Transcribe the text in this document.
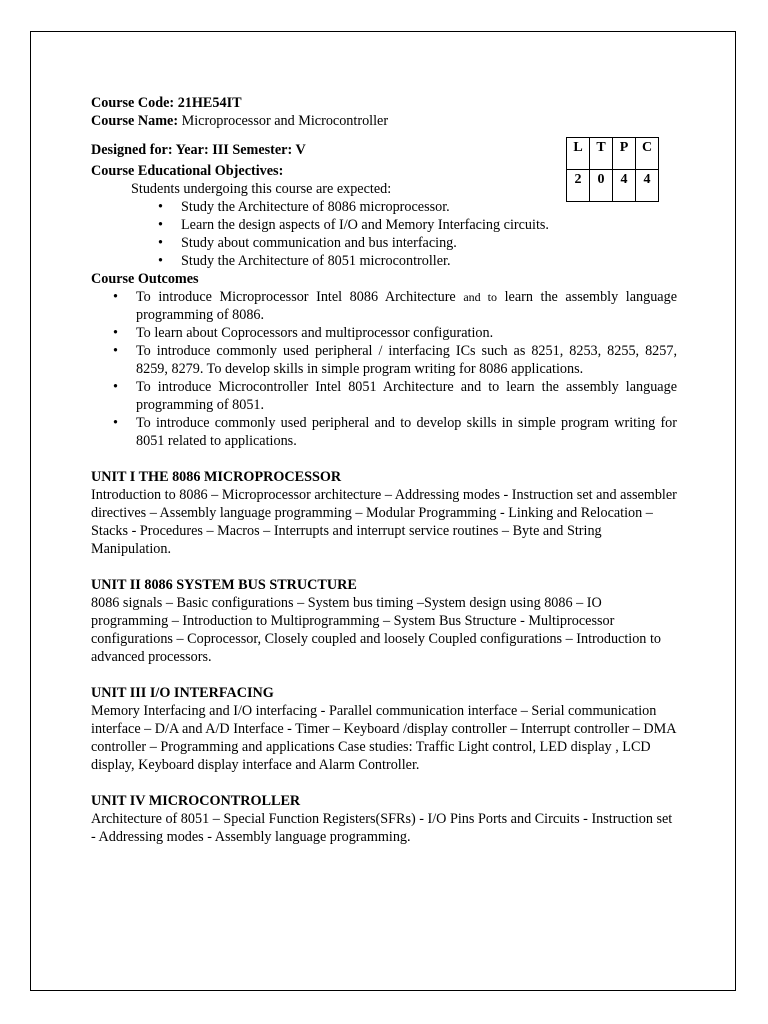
L	T	P	C
2	0	4	4

Course Code: 21HE54IT

Course Name: Microprocessor and Microcontroller

Designed for: Year: III Semester: V

Course Educational Objectives:

Students undergoing this course are expected:

• Study the Architecture of 8086 microprocessor.
• Learn the design aspects of I/O and Memory Interfacing circuits.
• Study about communication and bus interfacing.
• Study the Architecture of 8051 microcontroller.

Course Outcomes

• To introduce Microprocessor Intel 8086 Architecture and to learn the assembly language programming of 8086.
• To learn about Coprocessors and multiprocessor configuration.
• To introduce commonly used peripheral / interfacing ICs such as 8251, 8253, 8255, 8257, 8259, 8279. To develop skills in simple program writing for 8086 applications.
• To introduce Microcontroller Intel 8051 Architecture and to learn the assembly language programming of 8051.
• To introduce commonly used peripheral and to develop skills in simple program writing for 8051 related to applications.

UNIT I THE 8086 MICROPROCESSOR

Introduction to 8086 – Microprocessor architecture – Addressing modes - Instruction set and assembler directives – Assembly language programming – Modular Programming - Linking and Relocation – Stacks - Procedures – Macros – Interrupts and interrupt service routines – Byte and String Manipulation.

UNIT II 8086 SYSTEM BUS STRUCTURE

8086 signals – Basic configurations – System bus timing –System design using 8086 – IO programming – Introduction to Multiprogramming – System Bus Structure - Multiprocessor configurations – Coprocessor, Closely coupled and loosely Coupled configurations – Introduction to advanced processors.

UNIT III I/O INTERFACING

Memory Interfacing and I/O interfacing - Parallel communication interface – Serial communication interface – D/A and A/D Interface - Timer – Keyboard /display controller – Interrupt controller – DMA controller – Programming and applications Case studies: Traffic Light control, LED display , LCD display, Keyboard display interface and Alarm Controller.

UNIT IV MICROCONTROLLER

Architecture of 8051 – Special Function Registers(SFRs) - I/O Pins Ports and Circuits - Instruction set - Addressing modes - Assembly language programming.
